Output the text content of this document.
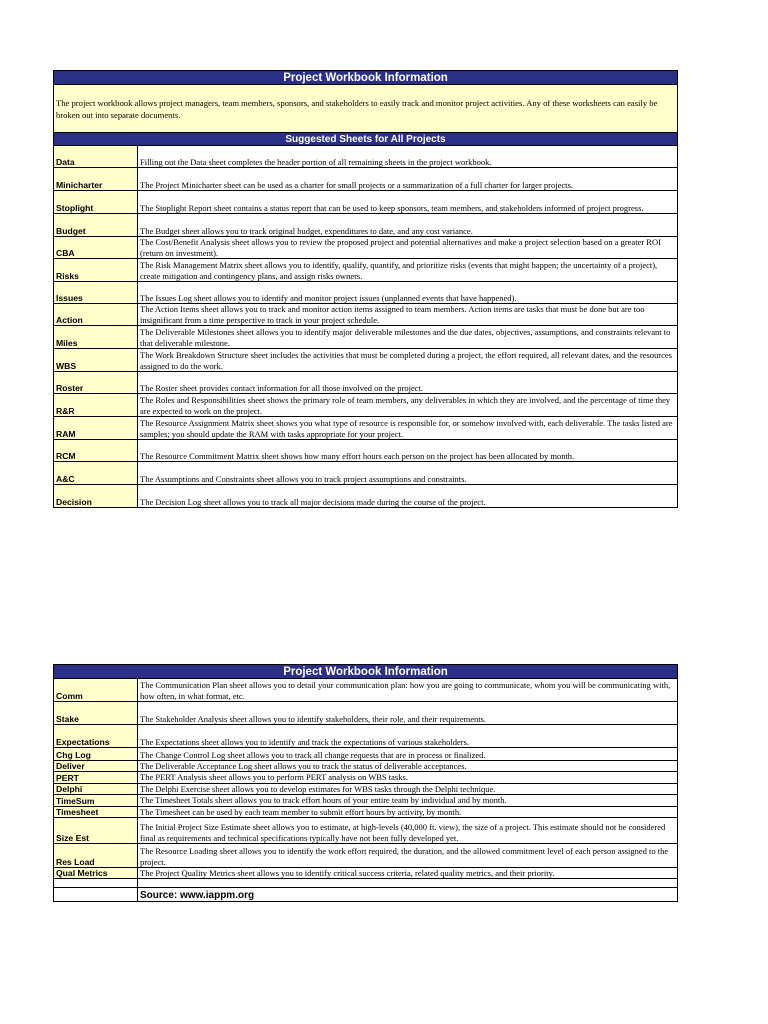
Project Workbook Information	
The project workbook allows project managers, team members, sponsors, and stakeholders to easily track and monitor project activities. Any of these worksheets can easily be broken out into separate documents.	
Suggested Sheets for All Projects	
Data	Filling out the Data sheet completes the header portion of all remaining sheets in the project workbook.
Minicharter	The Project Minicharter sheet can be used as a charter for small projects or a summarization of a full charter for larger projects.
Stoplight	The Stoplight Report sheet contains a status report that can be used to keep sponsors, team members, and stakeholders informed of project progress.
Budget	The Budget sheet allows you to track original budget, expenditures to date, and any cost variance.
CBA	The Cost/Benefit Analysis sheet allows you to review the proposed project and potential alternatives and make a project selection based on a greater ROI (return on investment).
Risks	The Risk Management Matrix sheet allows you to identify, qualify, quantify, and prioritize risks (events that might happen; the uncertainty of a project), create mitigation and contingency plans, and assign risks owners.
Issues	The Issues Log sheet allows you to identify and monitor project issues (unplanned events that have happened).
Action	The Action Items sheet allows you to track and monitor action items assigned to team members. Action items are tasks that must be done but are too insignificant from a time perspective to track in your project schedule.
Miles	The Deliverable Milestones sheet allows you to identify major deliverable milestones and the due dates, objectives, assumptions, and constraints relevant to that deliverable milestone.
WBS	The Work Breakdown Structure sheet includes the activities that must be completed during a project, the effort required, all relevant dates, and the resources assigned to do the work.
Roster	The Roster sheet provides contact information for all those involved on the project.
R&R	The Roles and Responsibilities sheet shows the primary role of team members, any deliverables in which they are involved, and the percentage of time they are expected to work on the project.
RAM	The Resource Assignment Matrix sheet shows you what type of resource is responsible for, or somehow involved with, each deliverable. The tasks listed are samples; you should update the RAM with tasks appropriate for your project.
RCM	The Resource Commitment Matrix sheet shows how many effort hours each person on the project has been allocated by month.
A&C	The Assumptions and Constraints sheet allows you to track project assumptions and constraints.
Decision	The Decision Log sheet allows you to track all major decisions made during the course of the project.
Project Workbook Information	
Comm	The Communication Plan sheet allows you to detail your communication plan: how you are going to communicate, whom you will be communicating with, how often, in what format, etc.
Stake	The Stakeholder Analysis sheet allows you to identify stakeholders, their role, and their requirements.
Expectations	The Expectations sheet allows you to identify and track the expectations of various stakeholders.
Chg Log	The Change Control Log sheet allows you to track all change requests that are in process or finalized.
Deliver	The Deliverable Acceptance Log sheet allows you to track the status of deliverable acceptances.
PERT	The PERT Analysis sheet allows you to perform PERT analysis on WBS tasks.
Delphi	The Delphi Exercise sheet allows you to develop estimates for WBS tasks through the Delphi technique.
TimeSum	The Timesheet Totals sheet allows you to track effort hours of your entire team by individual and by month.
Timesheet	The Timesheet can be used by each team member to submit effort hours by activity, by month.
Size Est	The Initial Project Size Estimate sheet allows you to estimate, at high-levels (40,000 ft. view), the size of a project. This estimate should not be considered final as requirements and technical specifications typically have not been fully developed yet.
Res Load	The Resource Loading sheet allows you to identify the work effort required, the duration, and the allowed commitment level of each person assigned to the project.
Qual Metrics	The Project Quality Metrics sheet allows you to identify critical success criteria, related quality metrics, and their priority.

	Source: www.iappm.org
